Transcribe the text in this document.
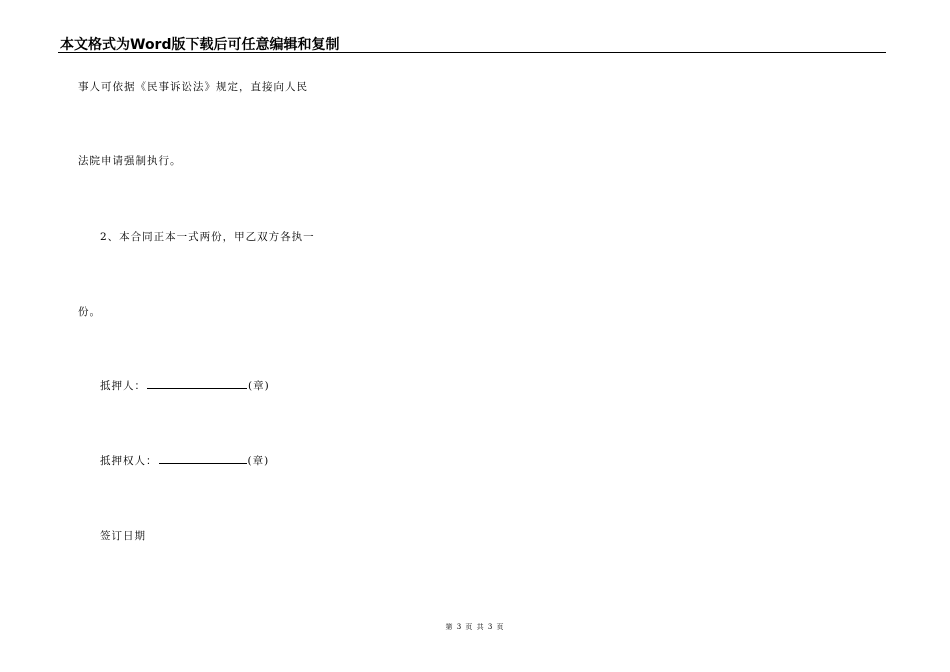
本文格式为Word版下载后可任意编辑和复制
事人可依据《民事诉讼法》规定，直接向人民
法院申请强制执行。
2、本合同正本一式两份，甲乙双方各执一
份。
抵押人：	(章)
抵押权人：	(章)
签订日期
第 3 页 共 3 页
